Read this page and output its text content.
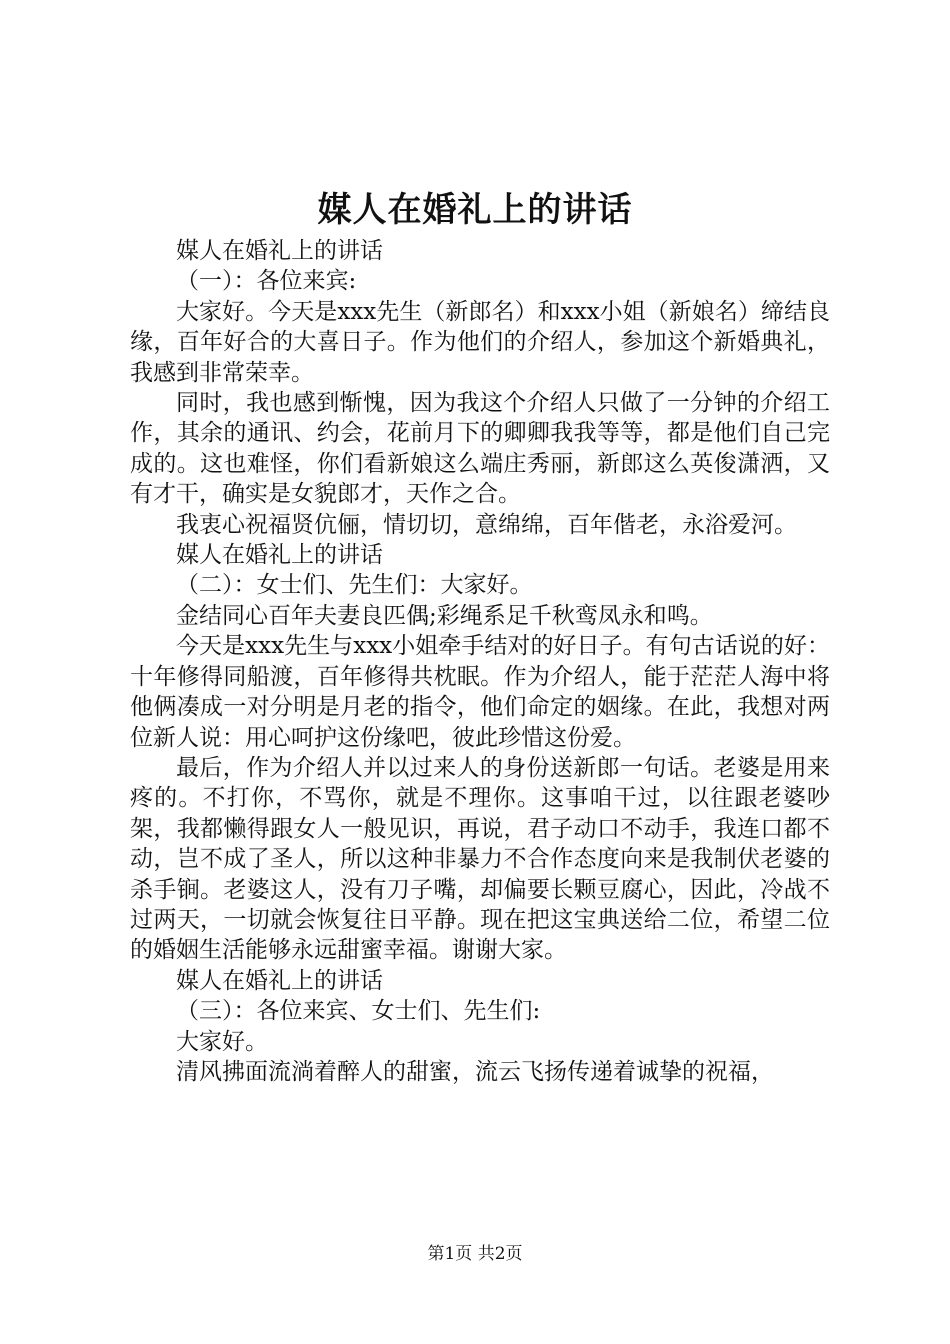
媒人在婚礼上的讲话

媒人在婚礼上的讲话

（一）：各位来宾:

大家好。今天是xxx先生（新郎名）和xxx小姐（新娘名）缔结良缘，百年好合的大喜日子。作为他们的介绍人，参加这个新婚典礼，我感到非常荣幸。

同时，我也感到惭愧，因为我这个介绍人只做了一分钟的介绍工作，其余的通讯、约会，花前月下的卿卿我我等等，都是他们自己完成的。这也难怪，你们看新娘这么端庄秀丽，新郎这么英俊潇洒，又有才干，确实是女貌郎才，天作之合。

我衷心祝福贤伉俪，情切切，意绵绵，百年偕老，永浴爱河。

媒人在婚礼上的讲话

（二）：女士们、先生们：大家好。

金结同心百年夫妻良匹偶;彩绳系足千秋鸾凤永和鸣。

今天是xxx先生与xxx小姐牵手结对的好日子。有句古话说的好：十年修得同船渡，百年修得共枕眠。作为介绍人，能于茫茫人海中将他俩凑成一对分明是月老的指令，他们命定的姻缘。在此，我想对两位新人说：用心呵护这份缘吧，彼此珍惜这份爱。

最后，作为介绍人并以过来人的身份送新郎一句话。老婆是用来疼的。不打你，不骂你，就是不理你。这事咱干过，以往跟老婆吵架，我都懒得跟女人一般见识，再说，君子动口不动手，我连口都不动，岂不成了圣人，所以这种非暴力不合作态度向来是我制伏老婆的杀手锏。老婆这人，没有刀子嘴，却偏要长颗豆腐心，因此，冷战不过两天，一切就会恢复往日平静。现在把这宝典送给二位，希望二位的婚姻生活能够永远甜蜜幸福。谢谢大家。

媒人在婚礼上的讲话

（三）：各位来宾、女士们、先生们:

大家好。

清风拂面流淌着醉人的甜蜜，流云飞扬传递着诚挚的祝福，

第1页 共2页
